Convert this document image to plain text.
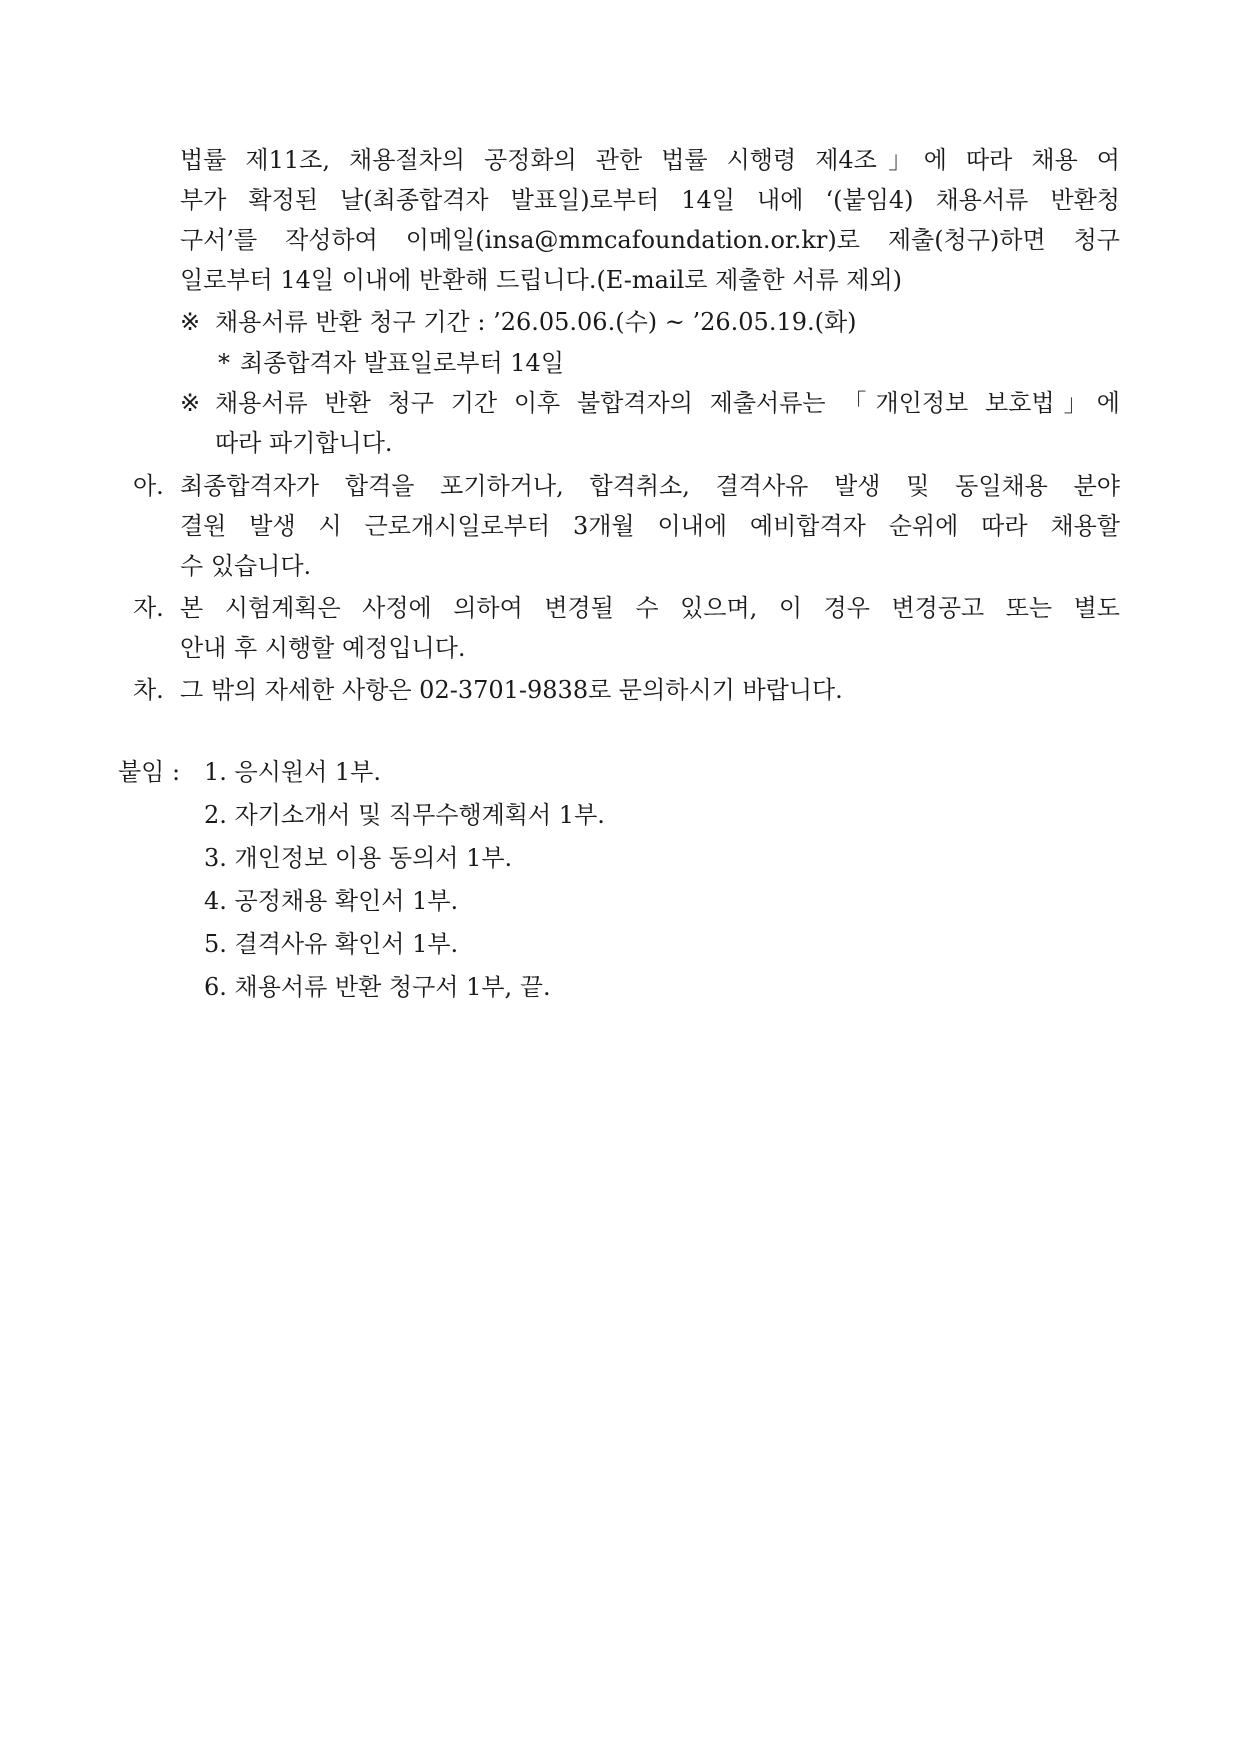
법률 제11조, 채용절차의 공정화의 관한 법률 시행령 제4조」에 따라 채용 여
부가 확정된 날(최종합격자 발표일)로부터 14일 내에 ‘(붙임4) 채용서류 반환청
구서’를 작성하여 이메일(insa@mmcafoundation.or.kr)로 제출(청구)하면 청구
일로부터 14일 이내에 반환해 드립니다.(E-mail로 제출한 서류 제외)
※ 채용서류 반환 청구 기간 : ’26.05.06.(수) ~ ’26.05.19.(화)
* 최종합격자 발표일로부터 14일
※ 채용서류 반환 청구 기간 이후 불합격자의 제출서류는 「개인정보 보호법」에
따라 파기합니다.
아. 최종합격자가 합격을 포기하거나, 합격취소, 결격사유 발생 및 동일채용 분야
결원 발생 시 근로개시일로부터 3개월 이내에 예비합격자 순위에 따라 채용할
수 있습니다.
자. 본 시험계획은 사정에 의하여 변경될 수 있으며, 이 경우 변경공고 또는 별도
안내 후 시행할 예정입니다.
차. 그 밖의 자세한 사항은 02-3701-9838로 문의하시기 바랍니다.
붙임 : 1. 응시원서 1부.
2. 자기소개서 및 직무수행계획서 1부.
3. 개인정보 이용 동의서 1부.
4. 공정채용 확인서 1부.
5. 결격사유 확인서 1부.
6. 채용서류 반환 청구서 1부, 끝.
